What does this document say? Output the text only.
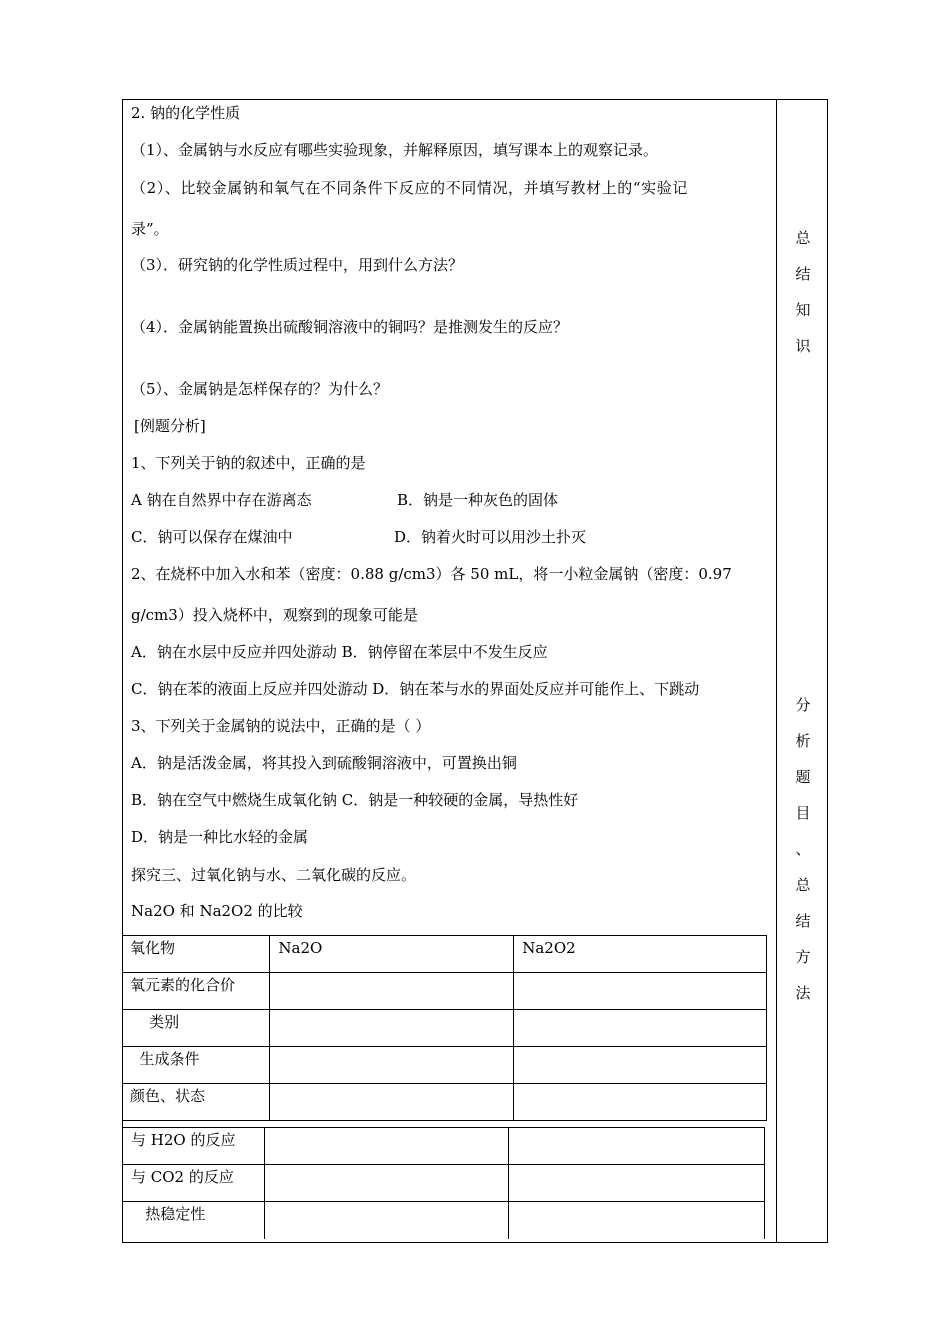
总
结
知
识
分
析
题
目
、
总
结
方
法
2. 钠的化学性质
（1）、金属钠与水反应有哪些实验现象，并解释原因，填写课本上的观察记录。
（2）、比较金属钠和氧气在不同条件下反应的不同情况，并填写教材上的“实验记
录”。
（3）．研究钠的化学性质过程中，用到什么方法？
（4）．金属钠能置换出硫酸铜溶液中的铜吗？是推测发生的反应？
（5）、金属钠是怎样保存的？为什么？
[例题分析]
1、下列关于钠的叙述中，正确的是
A 钠在自然界中存在游离态	B．钠是一种灰色的固体
C．钠可以保存在煤油中	D．钠着火时可以用沙土扑灭
2、在烧杯中加入水和苯（密度：0.88 g/cm3）各 50 mL，将一小粒金属钠（密度：0.97
g/cm3）投入烧杯中，观察到的现象可能是
A．钠在水层中反应并四处游动 B．钠停留在苯层中不发生反应
C．钠在苯的液面上反应并四处游动 D．钠在苯与水的界面处反应并可能作上、下跳动
3、下列关于金属钠的说法中，正确的是（ ）
A．钠是活泼金属，将其投入到硫酸铜溶液中，可置换出铜
B．钠在空气中燃烧生成氧化钠 C．钠是一种较硬的金属，导热性好
D．钠是一种比水轻的金属
探究三、过氧化钠与水、二氧化碳的反应。
Na2O 和 Na2O2 的比较
氧化物	Na2O	Na2O2
氧元素的化合价		
类别		
生成条件		
颜色、状态		
与 H2O 的反应		
与 CO2 的反应		
热稳定性		
